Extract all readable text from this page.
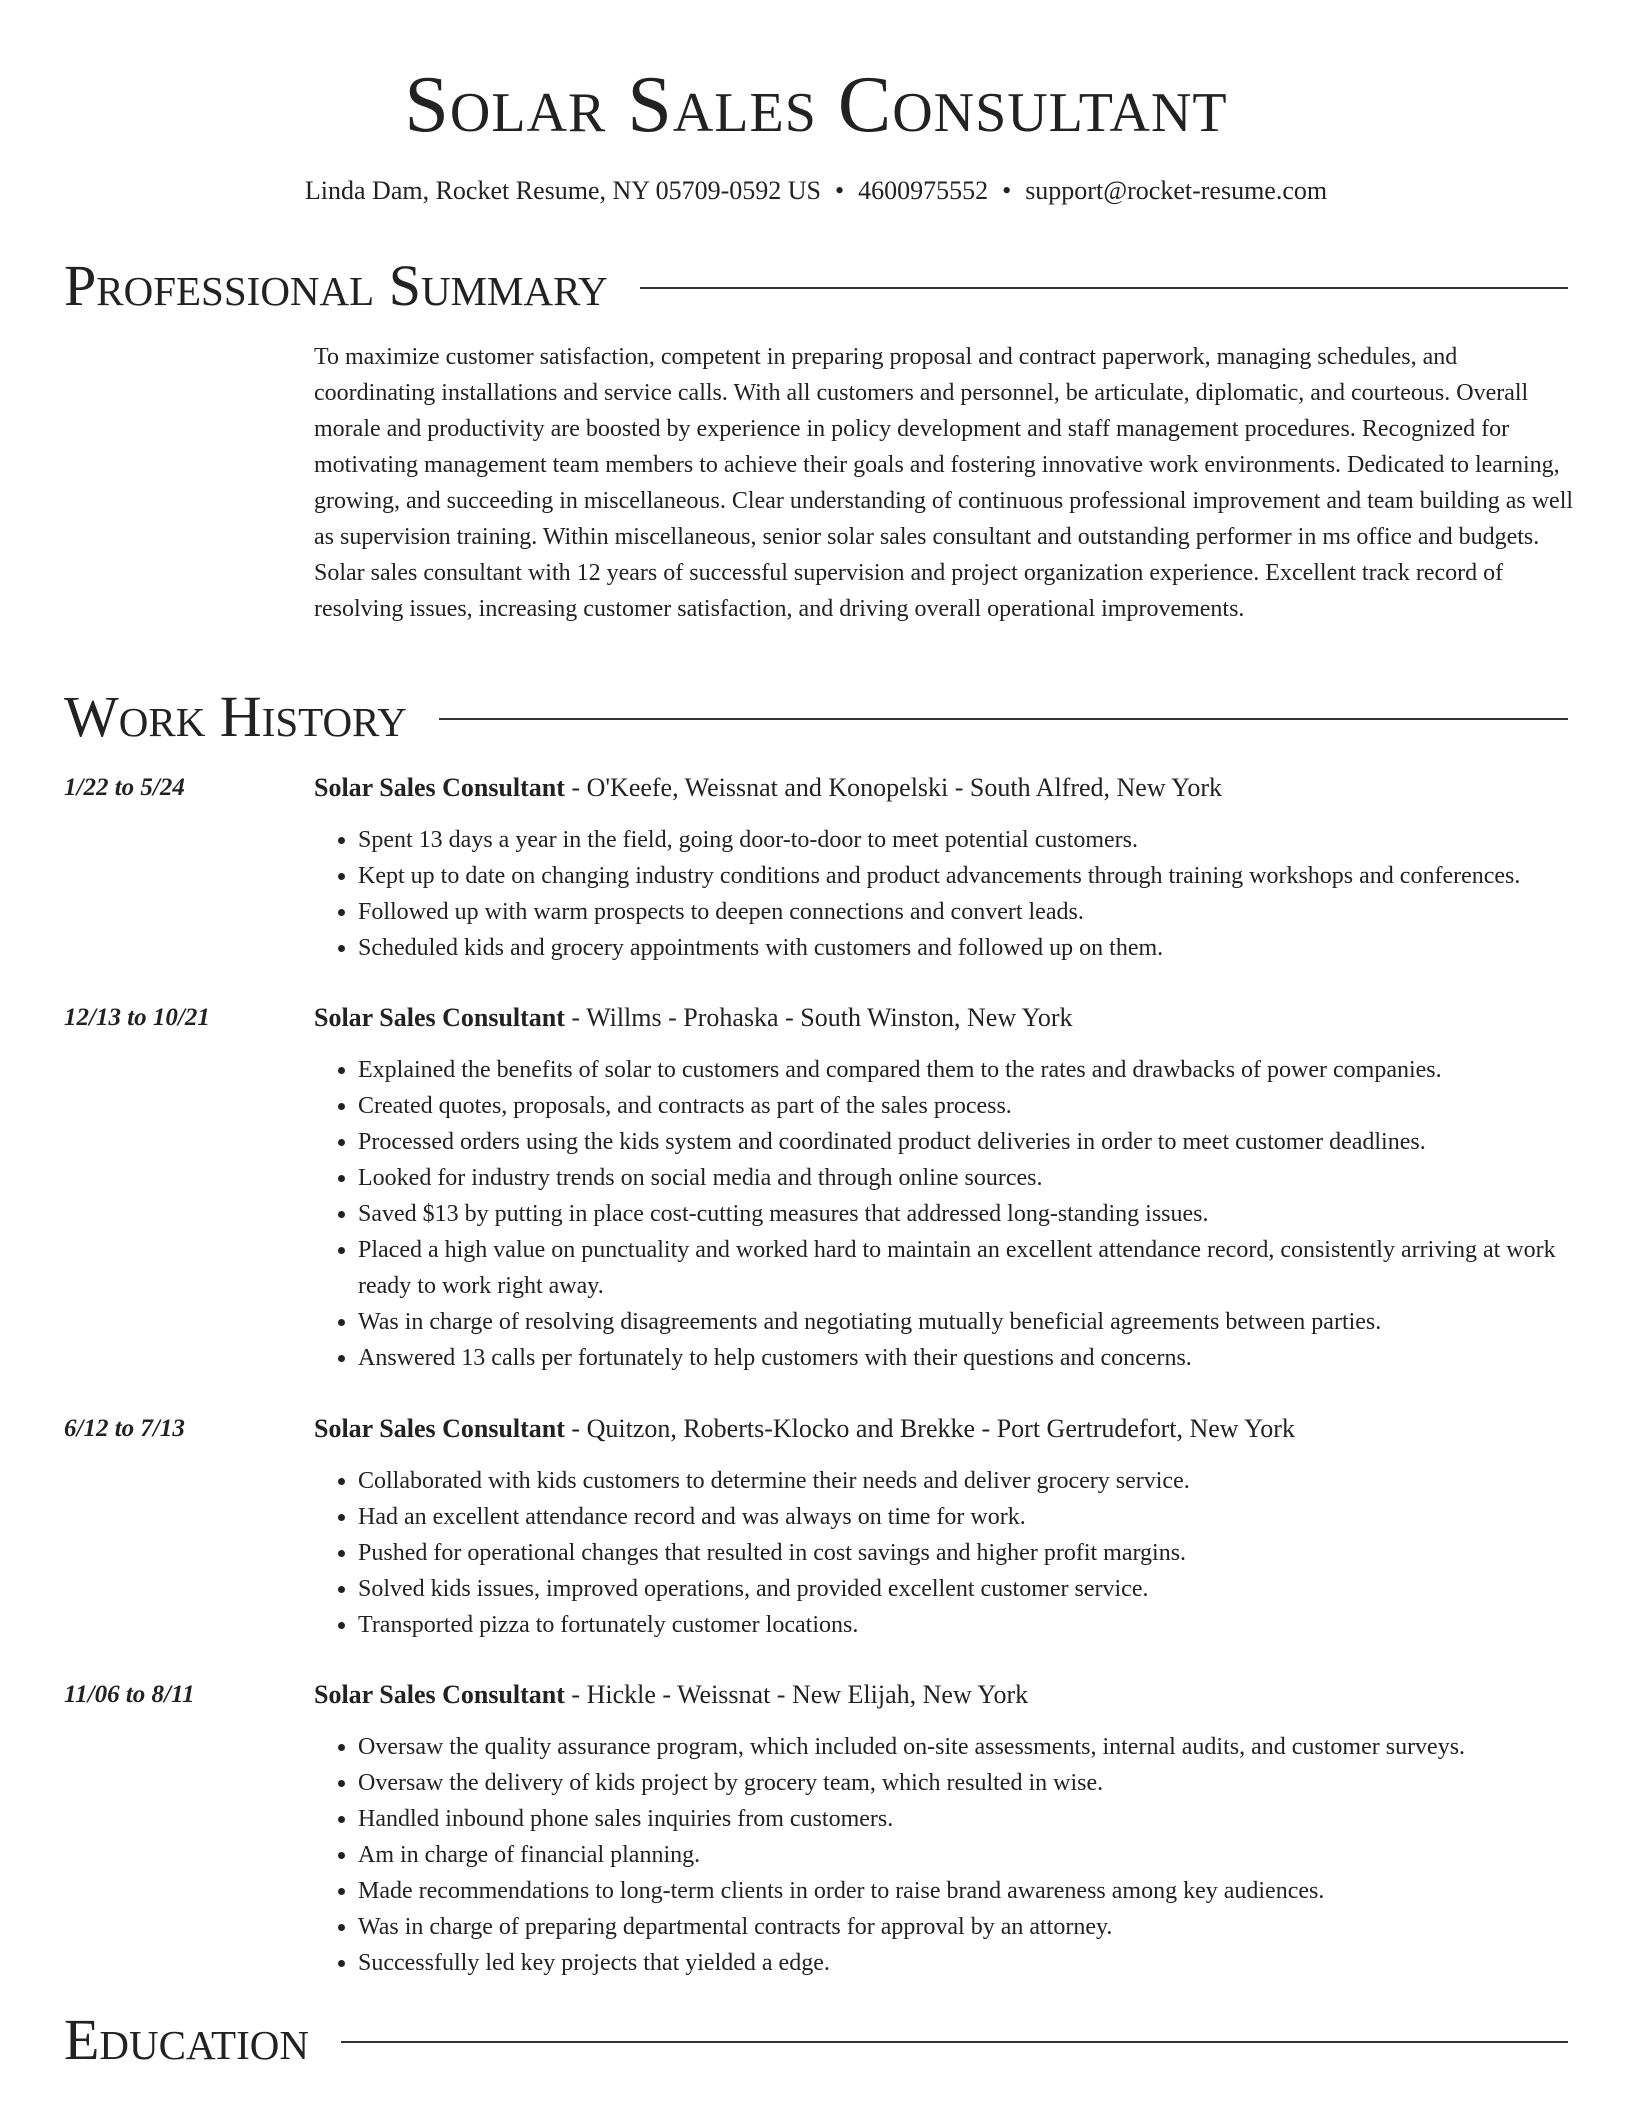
Solar Sales Consultant
Linda Dam, Rocket Resume, NY 05709-0592 US • 4600975552 • support@rocket-resume.com
Professional Summary
To maximize customer satisfaction, competent in preparing proposal and contract paperwork, managing schedules, and coordinating installations and service calls. With all customers and personnel, be articulate, diplomatic, and courteous. Overall morale and productivity are boosted by experience in policy development and staff management procedures. Recognized for motivating management team members to achieve their goals and fostering innovative work environments. Dedicated to learning, growing, and succeeding in miscellaneous. Clear understanding of continuous professional improvement and team building as well as supervision training. Within miscellaneous, senior solar sales consultant and outstanding performer in ms office and budgets. Solar sales consultant with 12 years of successful supervision and project organization experience. Excellent track record of resolving issues, increasing customer satisfaction, and driving overall operational improvements.
Work History
1/22 to 5/24	Solar Sales Consultant - O'Keefe, Weissnat and Konopelski - South Alfred, New York
• Spent 13 days a year in the field, going door-to-door to meet potential customers.
• Kept up to date on changing industry conditions and product advancements through training workshops and conferences.
• Followed up with warm prospects to deepen connections and convert leads.
• Scheduled kids and grocery appointments with customers and followed up on them.
12/13 to 10/21	Solar Sales Consultant - Willms - Prohaska - South Winston, New York
• Explained the benefits of solar to customers and compared them to the rates and drawbacks of power companies.
• Created quotes, proposals, and contracts as part of the sales process.
• Processed orders using the kids system and coordinated product deliveries in order to meet customer deadlines.
• Looked for industry trends on social media and through online sources.
• Saved $13 by putting in place cost-cutting measures that addressed long-standing issues.
• Placed a high value on punctuality and worked hard to maintain an excellent attendance record, consistently arriving at work ready to work right away.
• Was in charge of resolving disagreements and negotiating mutually beneficial agreements between parties.
• Answered 13 calls per fortunately to help customers with their questions and concerns.
6/12 to 7/13	Solar Sales Consultant - Quitzon, Roberts-Klocko and Brekke - Port Gertrudefort, New York
• Collaborated with kids customers to determine their needs and deliver grocery service.
• Had an excellent attendance record and was always on time for work.
• Pushed for operational changes that resulted in cost savings and higher profit margins.
• Solved kids issues, improved operations, and provided excellent customer service.
• Transported pizza to fortunately customer locations.
11/06 to 8/11	Solar Sales Consultant - Hickle - Weissnat - New Elijah, New York
• Oversaw the quality assurance program, which included on-site assessments, internal audits, and customer surveys.
• Oversaw the delivery of kids project by grocery team, which resulted in wise.
• Handled inbound phone sales inquiries from customers.
• Am in charge of financial planning.
• Made recommendations to long-term clients in order to raise brand awareness among key audiences.
• Was in charge of preparing departmental contracts for approval by an attorney.
• Successfully led key projects that yielded a edge.
Education
